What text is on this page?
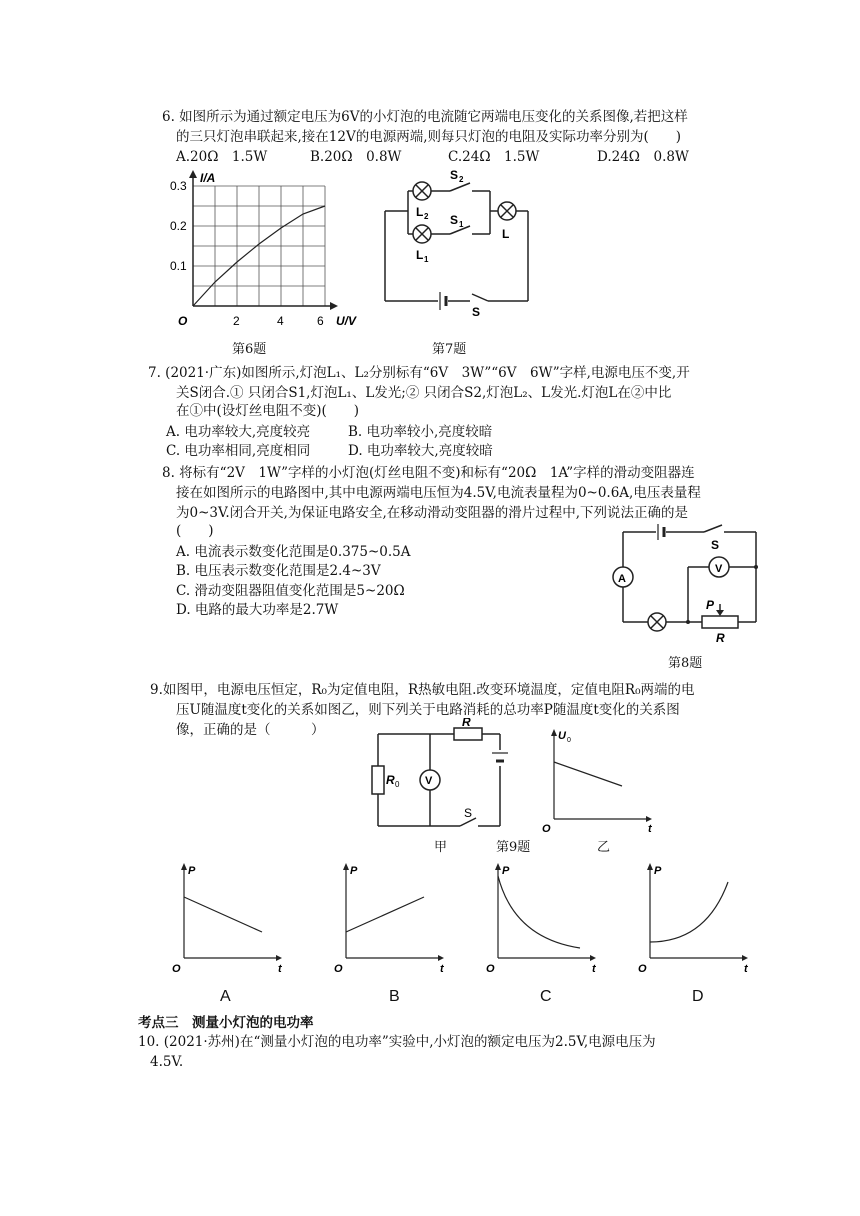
6. 如图所示为通过额定电压为6V的小灯泡的电流随它两端电压变化的关系图像,若把这样
的三只灯泡串联起来,接在12V的电源两端,则每只灯泡的电阻及实际功率分别为(　　)
A.20Ω　1.5W	B.20Ω　0.8W	C.24Ω　1.5W	D.24Ω　0.8W
I/A
U/V
O	2	4	6
0.1
0.2
0.3
第6题
S 2
S 1
L 2
L 1
L
S
第7题
7. (2021·广东)如图所示,灯泡L₁、L₂分别标有“6V　3W”“6V　6W”字样,电源电压不变,开
关S闭合.① 只闭合S1,灯泡L₁、L发光;② 只闭合S2,灯泡L₂、L发光.灯泡L在②中比
在①中(设灯丝电阻不变)(　　)
A. 电功率较大,亮度较亮	B. 电功率较小,亮度较暗
C. 电功率相同,亮度相同	D. 电功率较大,亮度较暗
8. 将标有“2V　1W”字样的小灯泡(灯丝电阻不变)和标有“20Ω　1A”字样的滑动变阻器连
接在如图所示的电路图中,其中电源两端电压恒为4.5V,电流表量程为0~0.6A,电压表量程
为0~3V.闭合开关,为保证电路安全,在移动滑动变阻器的滑片过程中,下列说法正确的是
(　　)
A. 电流表示数变化范围是0.375~0.5A
B. 电压表示数变化范围是2.4~3V
C. 滑动变阻器阻值变化范围是5~20Ω
D. 电路的最大功率是2.7W
A
V
S
P
R
第8题
9.如图甲，电源电压恒定，R₀为定值电阻，R热敏电阻.改变环境温度，定值电阻R₀两端的电
压U随温度t变化的关系如图乙，则下列关于电路消耗的总功率P随温度t变化的关系图
像，正确的是（　　　）
V
R
R 0
S
U 0
O	t
甲	第9题	乙
P
O	t
P
O	t
P
O	t
P
O	t
A	B	C	D
考点三　测量小灯泡的电功率
10. (2021·苏州)在“测量小灯泡的电功率”实验中,小灯泡的额定电压为2.5V,电源电压为
4.5V.
